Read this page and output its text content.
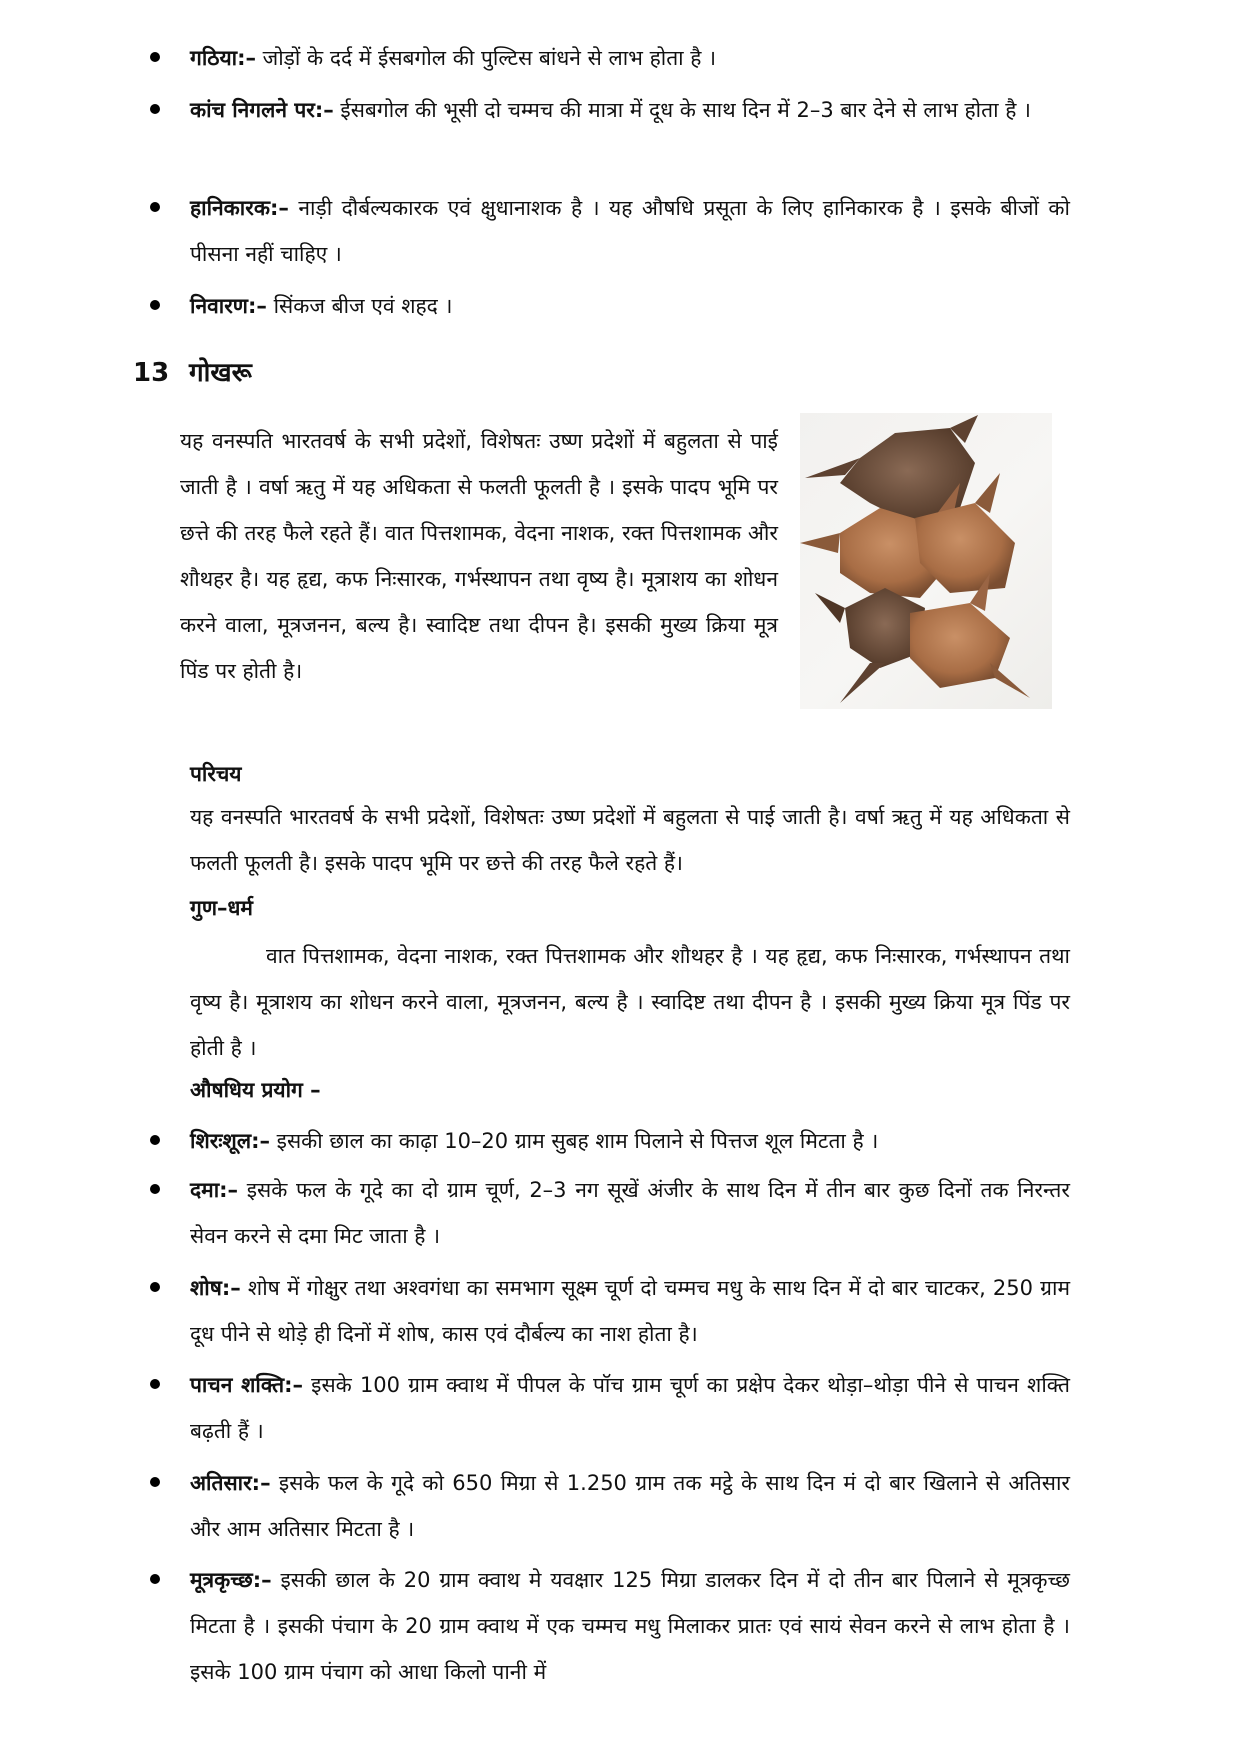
गठिया:– जोड़ों के दर्द में ईसबगोल की पुल्टिस बांधने से लाभ होता है ।
कांच निगलने पर:– ईसबगोल की भूसी दो चम्मच की मात्रा में दूध के साथ दिन में 2–3 बार देने से लाभ होता है ।
हानिकारक:– नाड़ी दौर्बल्यकारक एवं क्षुधानाशक है । यह औषधि प्रसूता के लिए हानिकारक है । इसके बीजों को पीसना नहीं चाहिए ।
निवारण:– सिंकज बीज एवं शहद ।
13 गोखरू
यह वनस्पति भारतवर्ष के सभी प्रदेशों, विशेषतः उष्ण प्रदेशों में बहुलता से पाई जाती है । वर्षा ऋतु में यह अधिकता से फलती फूलती है । इसके पादप भूमि पर छत्ते की तरह फैले रहते हैं। वात पित्तशामक, वेदना नाशक, रक्त पित्तशामक और शौथहर है। यह हृद्य, कफ निःसारक, गर्भस्थापन तथा वृष्य है। मूत्राशय का शोधन करने वाला, मूत्रजनन, बल्य है। स्वादिष्ट तथा दीपन है। इसकी मुख्य क्रिया मूत्र पिंड पर होती है।
परिचय
यह वनस्पति भारतवर्ष के सभी प्रदेशों, विशेषतः उष्ण प्रदेशों में बहुलता से पाई जाती है। वर्षा ऋतु में यह अधिकता से फलती फूलती है। इसके पादप भूमि पर छत्ते की तरह फैले रहते हैं।
गुण–धर्म
वात पित्तशामक, वेदना नाशक, रक्त पित्तशामक और शौथहर है । यह हृद्य, कफ निःसारक, गर्भस्थापन तथा वृष्य है। मूत्राशय का शोधन करने वाला, मूत्रजनन, बल्य है । स्वादिष्ट तथा दीपन है । इसकी मुख्य क्रिया मूत्र पिंड पर होती है ।
औषधिय प्रयोग –
शिरःशूल:– इसकी छाल का काढ़ा 10–20 ग्राम सुबह शाम पिलाने से पित्तज शूल मिटता है ।
दमा:– इसके फल के गूदे का दो ग्राम चूर्ण, 2–3 नग सूखें अंजीर के साथ दिन में तीन बार कुछ दिनों तक निरन्तर सेवन करने से दमा मिट जाता है ।
शोष:– शोष में गोक्षुर तथा अश्वगंधा का समभाग सूक्ष्म चूर्ण दो चम्मच मधु के साथ दिन में दो बार चाटकर, 250 ग्राम दूध पीने से थोड़े ही दिनों में शोष, कास एवं दौर्बल्य का नाश होता है।
पाचन शक्ति:– इसके 100 ग्राम क्वाथ में पीपल के पॉच ग्राम चूर्ण का प्रक्षेप देकर थोड़ा–थोड़ा पीने से पाचन शक्ति बढ़ती हैं ।
अतिसार:– इसके फल के गूदे को 650 मिग्रा से 1.250 ग्राम तक मट्ठे के साथ दिन मं दो बार खिलाने से अतिसार और आम अतिसार मिटता है ।
मूत्रकृच्छ:– इसकी छाल के 20 ग्राम क्वाथ मे यवक्षार 125 मिग्रा डालकर दिन में दो तीन बार पिलाने से मूत्रकृच्छ मिटता है । इसकी पंचाग के 20 ग्राम क्वाथ में एक चम्मच मधु मिलाकर प्रातः एवं सायं सेवन करने से लाभ होता है । इसके 100 ग्राम पंचाग को आधा किलो पानी में
